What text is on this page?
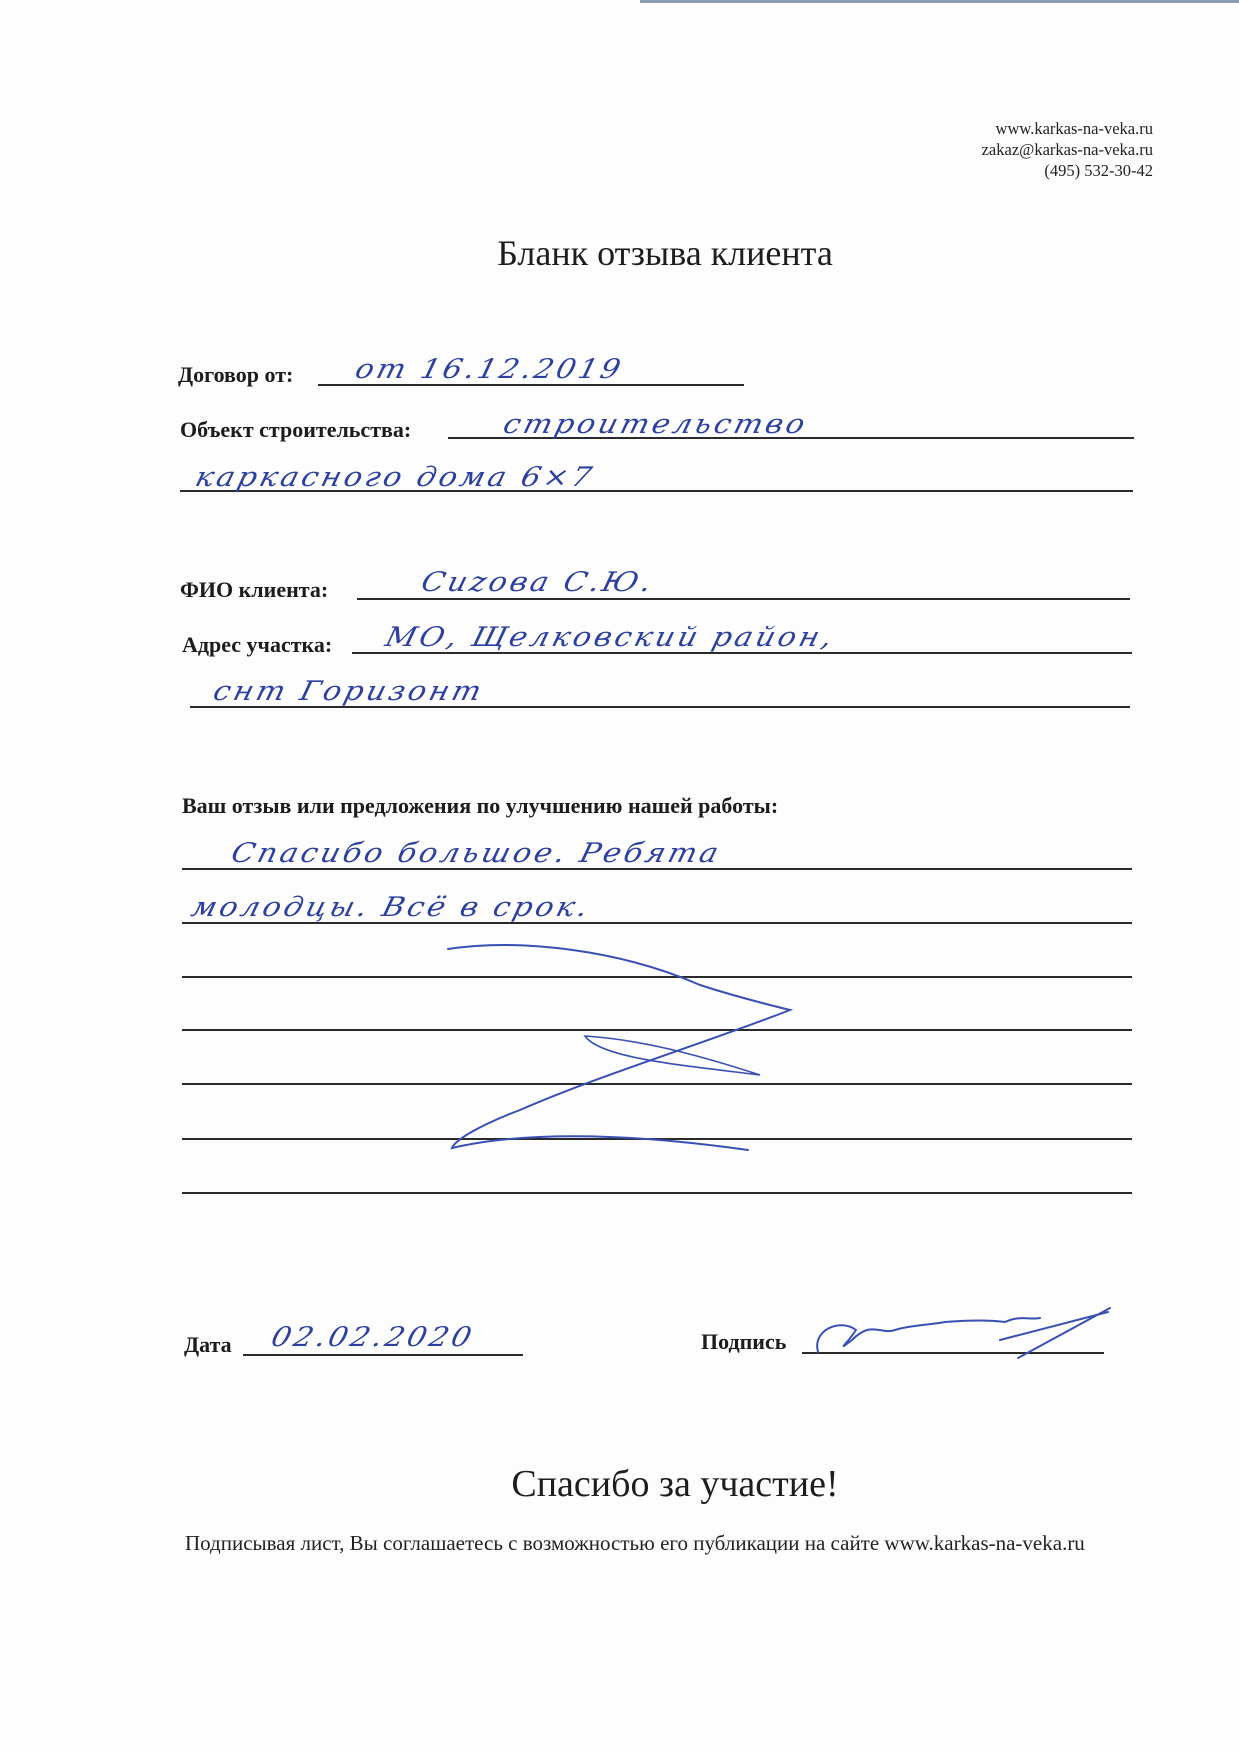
www.karkas-na-veka.ru
zakaz@karkas-na-veka.ru
(495) 532-30-42
Бланк отзыва клиента
Договор от: от 16.12.2019
Объект строительства:	строительство
каркасного дома 6×7
ФИО клиента:	Сиzова С.Ю.
Адрес участка: МО, Щелковский район,
снт Горизонт
Ваш отзыв или предложения по улучшению нашей работы:
Спасибо большое. Ребята
молодцы. Всё в срок.
Дата 02.02.2020	Подпись
Спасибо за участие!
Подписывая лист, Вы соглашаетесь с возможностью его публикации на сайте www.karkas-na-veka.ru
